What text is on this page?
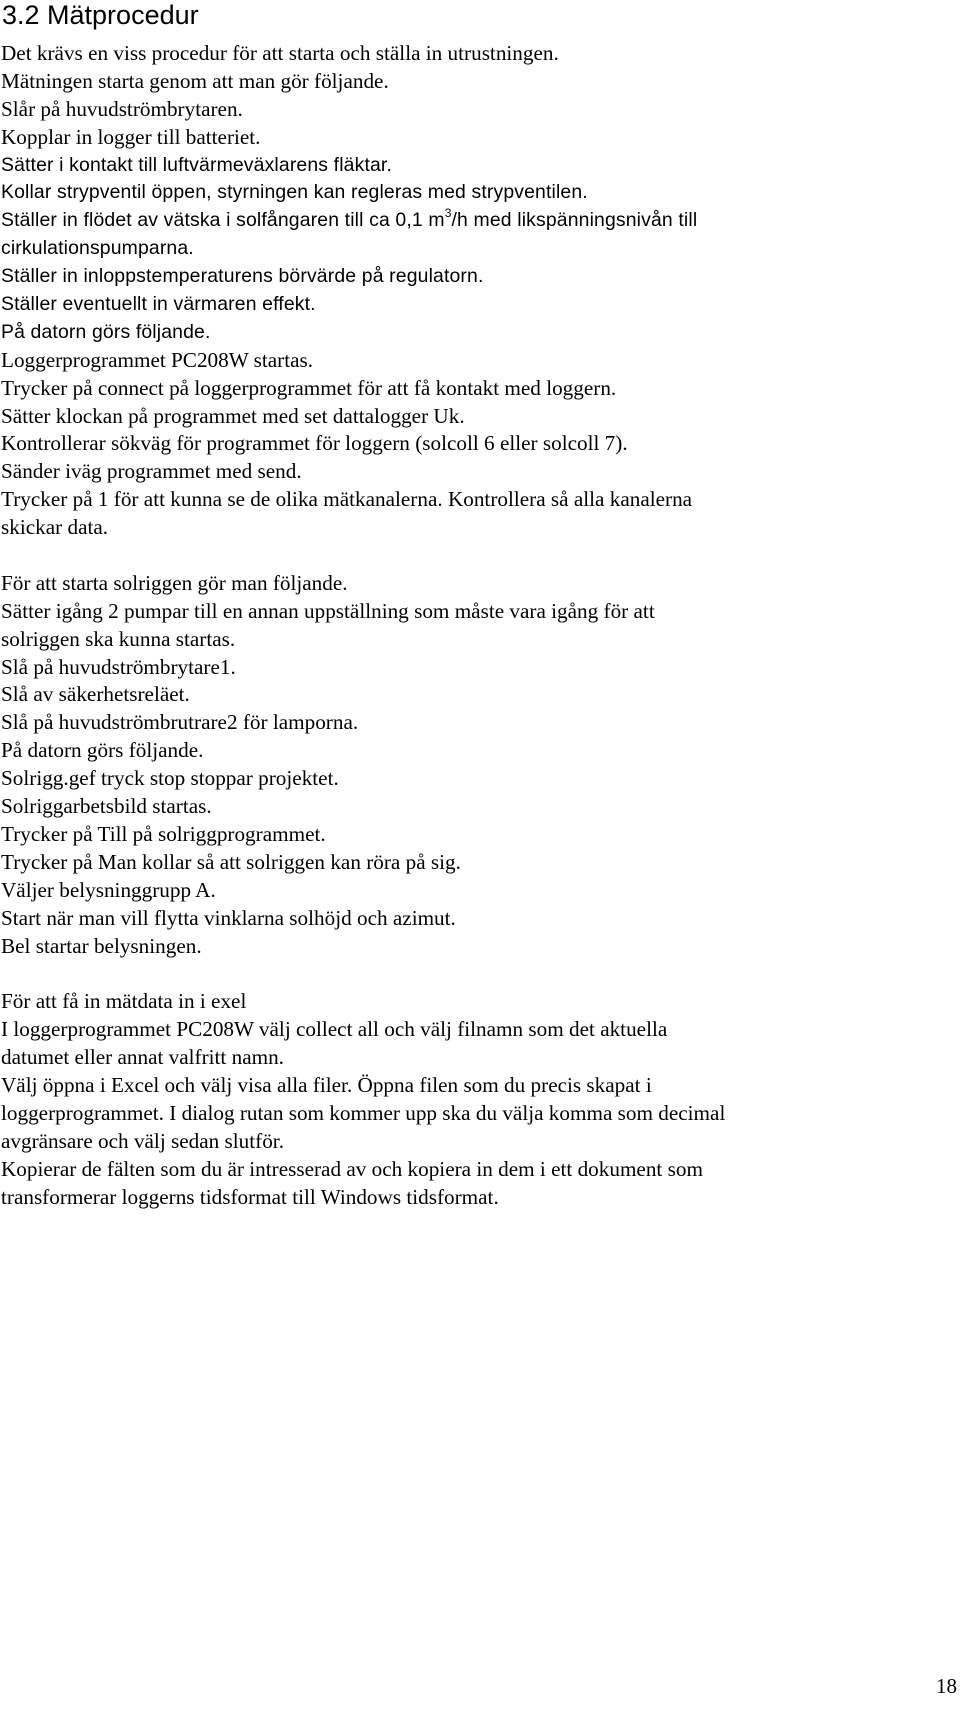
3.2 Mätprocedur
Det krävs en viss procedur för att starta och ställa in utrustningen.
Mätningen starta genom att man gör följande.
Slår på huvudströmbrytaren.
Kopplar in logger till batteriet.
Sätter i kontakt till luftvärmeväxlarens fläktar.
Kollar strypventil öppen, styrningen kan regleras med strypventilen.
Ställer in flödet av vätska i solfångaren till ca 0,1 $m^3/h$ med likspänningsnivån till
cirkulationspumparna.
Ställer in inloppstemperaturens börvärde på regulatorn.
Ställer eventuellt in värmaren effekt.
På datorn görs följande.
Loggerprogrammet PC208W startas.
Trycker på connect på loggerprogrammet för att få kontakt med loggern.
Sätter klockan på programmet med set dattalogger Uk.
Kontrollerar sökväg för programmet för loggern (solcoll 6 eller solcoll 7).
Sänder iväg programmet med send.
Trycker på 1 för att kunna se de olika mätkanalerna. Kontrollera så alla kanalerna
skickar data.
För att starta solriggen gör man följande.
Sätter igång 2 pumpar till en annan uppställning som måste vara igång för att
solriggen ska kunna startas.
Slå på huvudströmbrytare1.
Slå av säkerhetsreläet.
Slå på huvudströmbrutrare2 för lamporna.
På datorn görs följande.
Solrigg.gef tryck stop stoppar projektet.
Solriggarbetsbild startas.
Trycker på Till på solriggprogrammet.
Trycker på Man kollar så att solriggen kan röra på sig.
Väljer belysninggrupp A.
Start när man vill flytta vinklarna solhöjd och azimut.
Bel startar belysningen.
För att få in mätdata in i exel
I loggerprogrammet PC208W välj collect all och välj filnamn som det aktuella
datumet eller annat valfritt namn.
Välj öppna i Excel och välj visa alla filer. Öppna filen som du precis skapat i
loggerprogrammet. I dialog rutan som kommer upp ska du välja komma som decimal
avgränsare och välj sedan slutför.
Kopierar de fälten som du är intresserad av och kopiera in dem i ett dokument som
transformerar loggerns tidsformat till Windows tidsformat.
18
